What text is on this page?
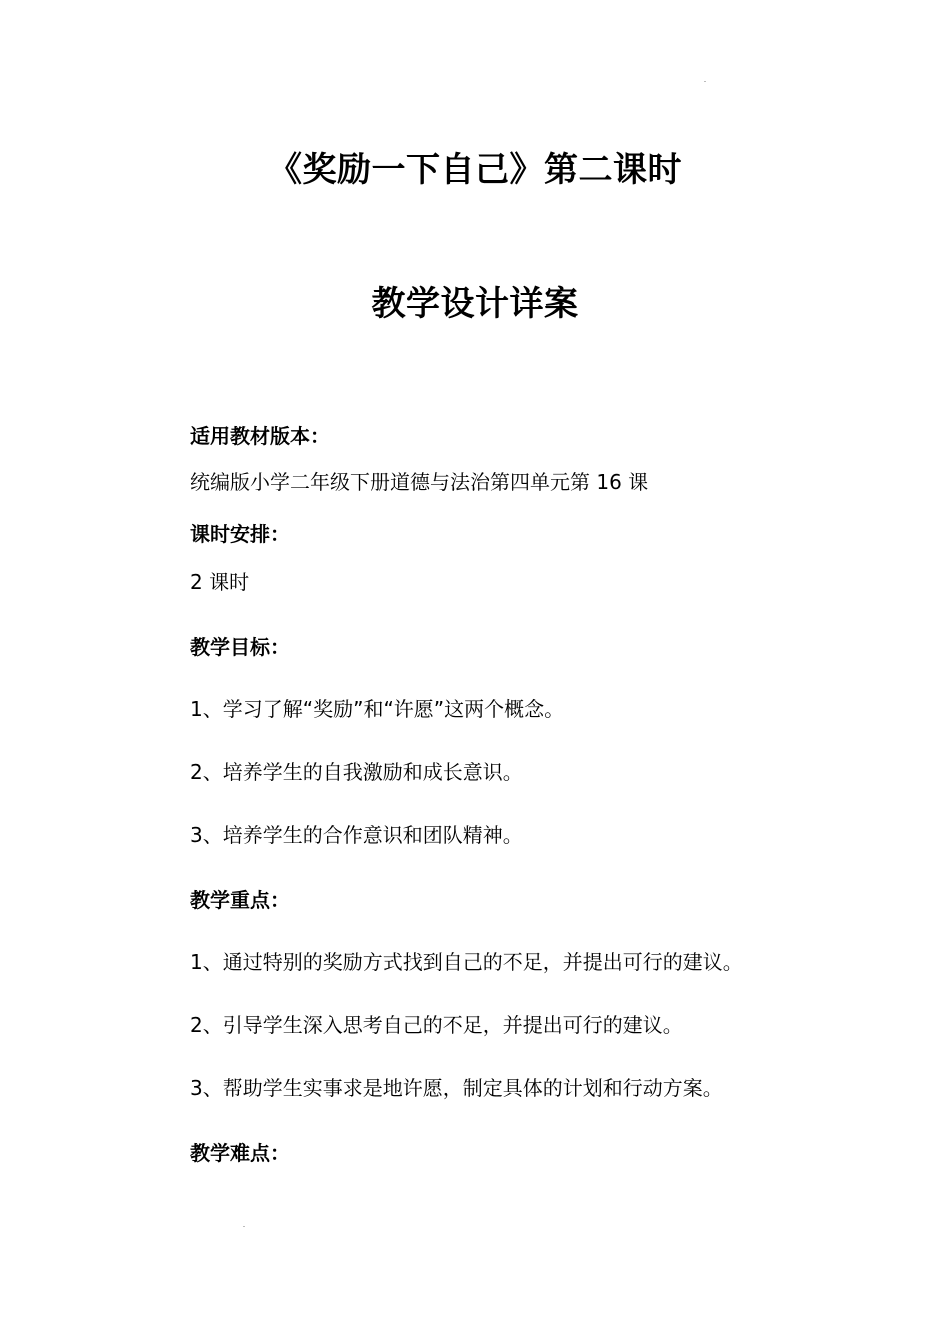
《奖励一下自己》第二课时
教学设计详案
适用教材版本：
统编版小学二年级下册道德与法治第四单元第 16 课
课时安排：
2 课时
教学目标：
1、学习了解“奖励”和“许愿”这两个概念。
2、培养学生的自我激励和成长意识。
3、培养学生的合作意识和团队精神。
教学重点：
1、通过特别的奖励方式找到自己的不足，并提出可行的建议。
2、引导学生深入思考自己的不足，并提出可行的建议。
3、帮助学生实事求是地许愿，制定具体的计划和行动方案。
教学难点：
